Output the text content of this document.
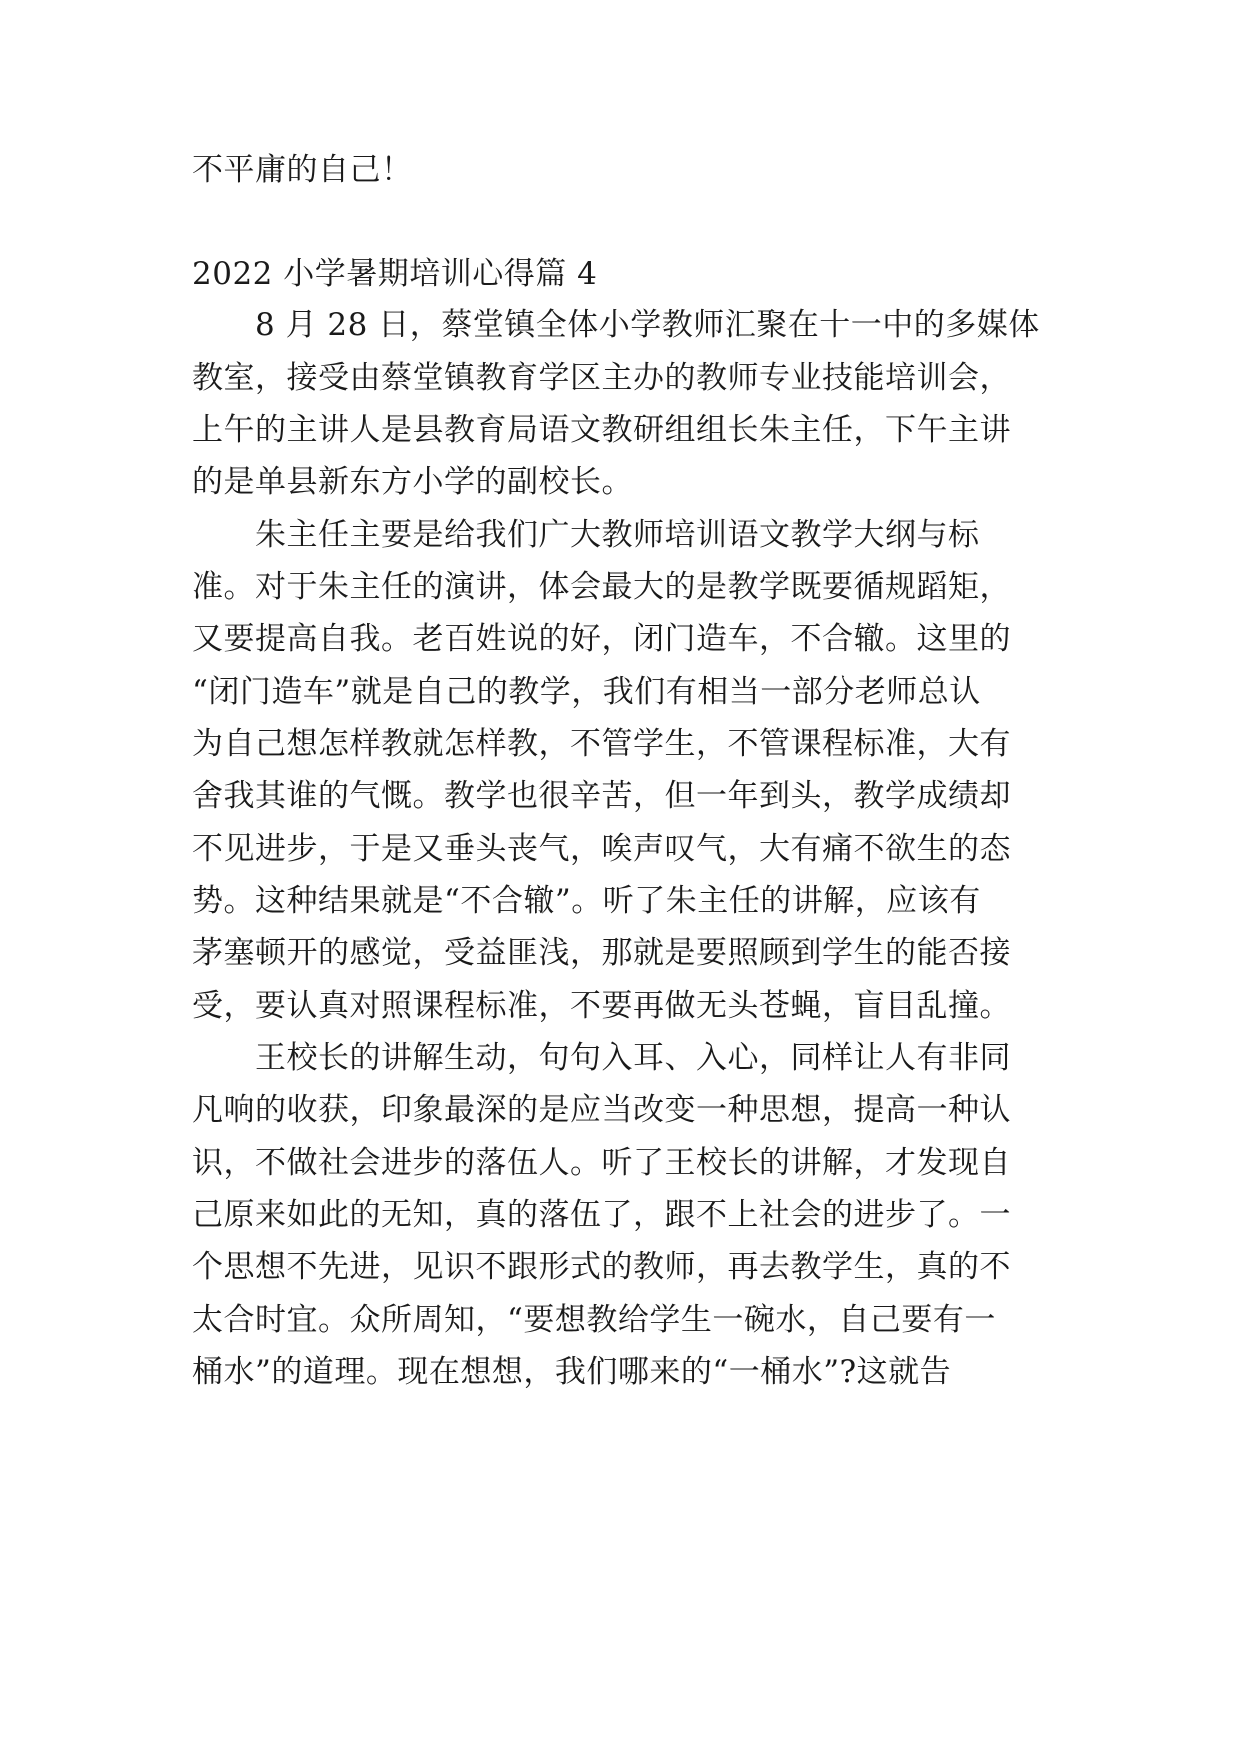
不平庸的自己！
2022 小学暑期培训心得篇 4
8 月 28 日，蔡堂镇全体小学教师汇聚在十一中的多媒体
教室，接受由蔡堂镇教育学区主办的教师专业技能培训会，
上午的主讲人是县教育局语文教研组组长朱主任，下午主讲
的是单县新东方小学的副校长。
朱主任主要是给我们广大教师培训语文教学大纲与标
准。对于朱主任的演讲，体会最大的是教学既要循规蹈矩，
又要提高自我。老百姓说的好，闭门造车，不合辙。这里的
“闭门造车”就是自己的教学，我们有相当一部分老师总认
为自己想怎样教就怎样教，不管学生，不管课程标准，大有
舍我其谁的气慨。教学也很辛苦，但一年到头，教学成绩却
不见进步，于是又垂头丧气，唉声叹气，大有痛不欲生的态
势。这种结果就是“不合辙”。听了朱主任的讲解，应该有
茅塞顿开的感觉，受益匪浅，那就是要照顾到学生的能否接
受，要认真对照课程标准，不要再做无头苍蝇，盲目乱撞。
王校长的讲解生动，句句入耳、入心，同样让人有非同
凡响的收获，印象最深的是应当改变一种思想，提高一种认
识，不做社会进步的落伍人。听了王校长的讲解，才发现自
己原来如此的无知，真的落伍了，跟不上社会的进步了。一
个思想不先进，见识不跟形式的教师，再去教学生，真的不
太合时宜。众所周知，“要想教给学生一碗水，自己要有一
桶水”的道理。现在想想，我们哪来的“一桶水”?这就告
